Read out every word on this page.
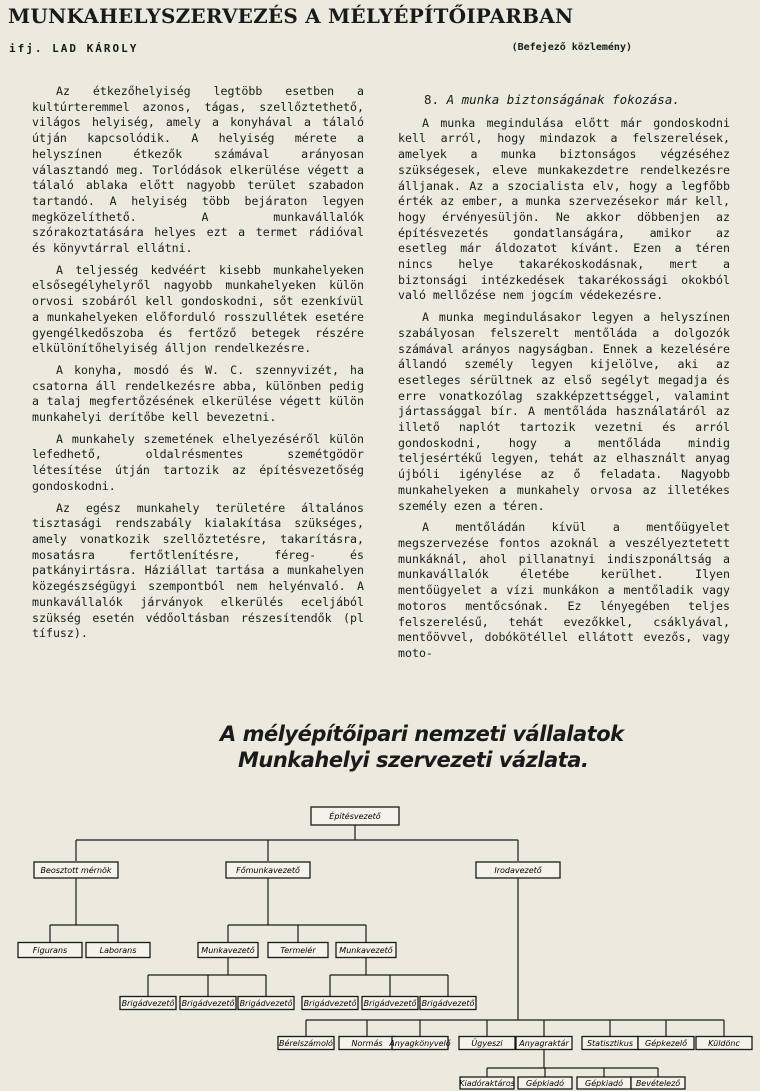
MUNKAHELYSZERVEZÉS A MÉLYÉPÍTŐIPARBAN
ifj. LAD KÁROLY	(Befejező közlemény)

Az étkezőhelyiség legtöbb esetben a kultúrteremmel azonos, tágas, szellőztethető, világos helyiség, amely a konyhával a tálaló útján kapcsolódik. A helyiség mérete a helyszínen étkezők számával arányosan választandó meg. Torlódások elkerülése végett a tálaló ablaka előtt nagyobb terület szabadon tartandó. A helyiség több bejáraton legyen megközelíthető. A munkavállalók szórakoztatására helyes ezt a termet rádióval és könyvtárral ellátni.

A teljesség kedvéért kisebb munkahelyeken elsősegélyhelyről nagyobb munkahelyeken külön orvosi szobáról kell gondoskodni, sőt ezenkívül a munkahelyeken előforduló rosszullétek esetére gyengélkedőszoba és fertőző betegek részére elkülönítőhelyiség álljon rendelkezésre.

A konyha, mosdó és W. C. szennyvizét, ha csatorna áll rendelkezésre abba, különben pedig a talaj megfertőzésének elkerülése végett külön munkahelyi derítőbe kell bevezetni.

A munkahely szemetének elhelyezéséről külön lefedhető, oldalrésmentes szemétgödör létesítése útján tartozik az építésvezetőség gondoskodni.

Az egész munkahely területére általános tisztasági rendszabály kialakítása szükséges, amely vonatkozik szellőztetésre, takarításra, mosatásra fertőtlenítésre, féreg- és patkányirtásra. Háziállat tartása a munkahelyen közegészségügyi szempontból nem helyénvaló. A munkavállalók járványok elkerülés eceljából szükség esetén védőoltásban részesítendők (pl tífusz).

8. A munka biztonságának fokozása.

A munka megindulása előtt már gondoskodni kell arról, hogy mindazok a felszerelések, amelyek a munka biztonságos végzéséhez szükségesek, eleve munkakezdetre rendelkezésre álljanak. Az a szocialista elv, hogy a legfőbb érték az ember, a munka szervezésekor már kell, hogy érvényesüljön. Ne akkor döbbenjen az építésvezetés gondatlanságára, amikor az esetleg már áldozatot kívánt. Ezen a téren nincs helye takarékoskodásnak, mert a biztonsági intézkedések takarékossági okokból való mellőzése nem jogcím védekezésre.

A munka megindulásakor legyen a helyszínen szabályosan felszerelt mentőláda a dolgozók számával arányos nagyságban. Ennek a kezelésére állandó személy legyen kijelölve, aki az esetleges sérültnek az első segélyt megadja és erre vonatkozólag szakképzettséggel, valamint jártassággal bír. A mentőláda használatáról az illető naplót tartozik vezetni és arról gondoskodni, hogy a mentőláda mindig teljesértékű legyen, tehát az elhasznált anyag újbóli igénylése az ő feladata. Nagyobb munkahelyeken a munkahely orvosa az illetékes személy ezen a téren.

A mentőládán kívül a mentőügyelet megszervezése fontos azoknál a veszélyeztetett munkáknál, ahol pillanatnyi indiszponáltság a munkavállalók életébe kerülhet. Ilyen mentőügyelet a vízi munkákon a mentőladik vagy motoros mentőcsónak. Ez lényegében teljes felszerelésű, tehát evezőkkel, csáklyával, mentőövvel, dobókötéllel ellátott evezős, vagy moto-

A mélyépítőipari nemzeti vállalatok
Munkahelyi szervezeti vázlata.
Építésvezető
Beosztott mérnök	Főmunkavezető	Irodavezető
Figurans	Laborans	Munkavezető	Termelér	Munkavezető
Brigádvezető Brigádvezető Brigádvezető Brigádvezető Brigádvezető Brigádvezető
Bérelszámoló Normás Anyagkönyvelő	Ügyeszi Anyagraktár Statisztikus Gépkezelő	Küldönc
Kiadóraktáros Gépkiadó	Gépkiadó Bevételező
